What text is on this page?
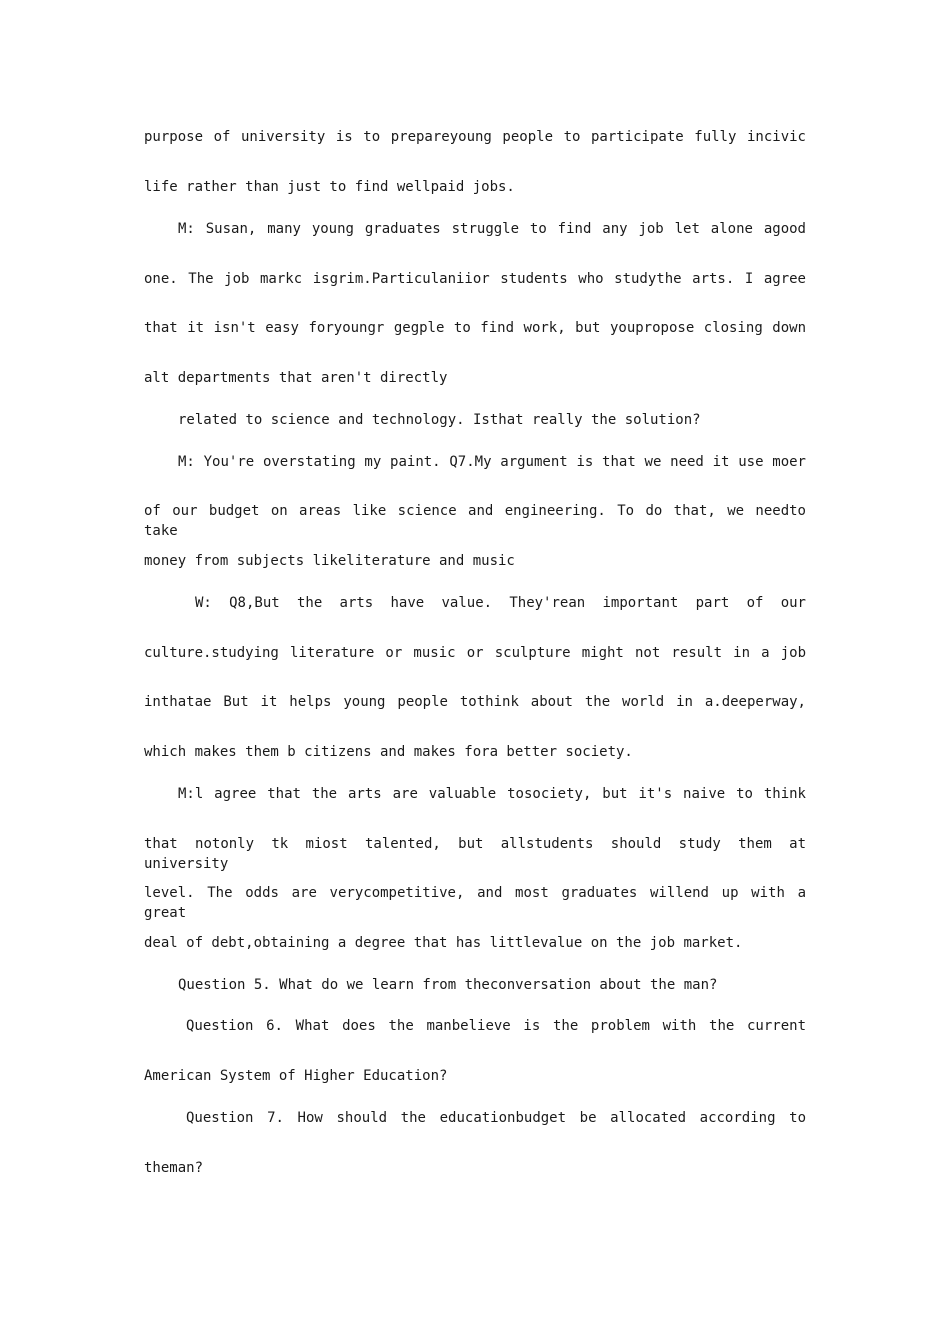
purpose of university is to prepareyoung people to participate fully incivic
life rather than just to find wellpaid jobs.
M: Susan, many young graduates struggle to find any job let alone agood
one. The job markc isgrim.Particulaniior students who studythe arts. I agree
that it isn't easy foryoungr gegple to find work, but youpropose closing down
alt departments that aren't directly
related to science and technology. Isthat really the solution?
M: You're overstating my paint. Q7.My argument is that we need it use moer
of our budget on areas like science and engineering. To do that, we needto take
money from subjects likeliterature and music
W: Q8,But the arts have value. They'rean important part of our
culture.studying literature or music or sculpture might not result in a job
inthatae But it helps young people tothink about the world in a.deeperway,
which makes them b citizens and makes fora better society.
M:l agree that the arts are valuable tosociety, but it's naive to think
that notonly tk miost talented, but allstudents should study them at university
level. The odds are verycompetitive, and most graduates willend up with a great
deal of debt,obtaining a degree that has littlevalue on the job market.
Question 5. What do we learn from theconversation about the man?
Question 6. What does the manbelieve is the problem with the current
American System of Higher Education?
Question 7. How should the educationbudget be allocated according to
theman?
